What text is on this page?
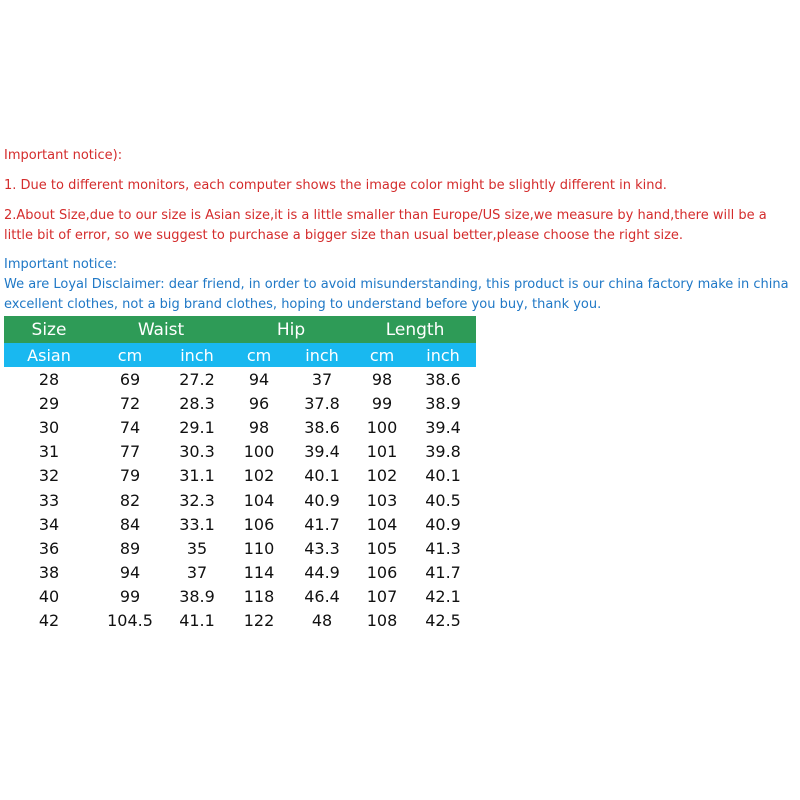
Important notice):
1. Due to different monitors, each computer shows the image color might be slightly different in kind.
2.About Size,due to our size is Asian size,it is a little smaller than Europe/US size,we measure by hand,there will be a little bit of error, so we suggest to purchase a bigger size than usual better,please choose the right size.
Important notice:
We are Loyal Disclaimer: dear friend, in order to avoid misunderstanding, this product is our china factory make in china excellent clothes, not a big brand clothes, hoping to understand before you buy, thank you.
Size	Waist		Hip		Length	
Asian	cm	inch	cm	inch	cm	inch
28	69	27.2	94	37	98	38.6
29	72	28.3	96	37.8	99	38.9
30	74	29.1	98	38.6	100	39.4
31	77	30.3	100	39.4	101	39.8
32	79	31.1	102	40.1	102	40.1
33	82	32.3	104	40.9	103	40.5
34	84	33.1	106	41.7	104	40.9
36	89	35	110	43.3	105	41.3
38	94	37	114	44.9	106	41.7
40	99	38.9	118	46.4	107	42.1
42	104.5	41.1	122	48	108	42.5
